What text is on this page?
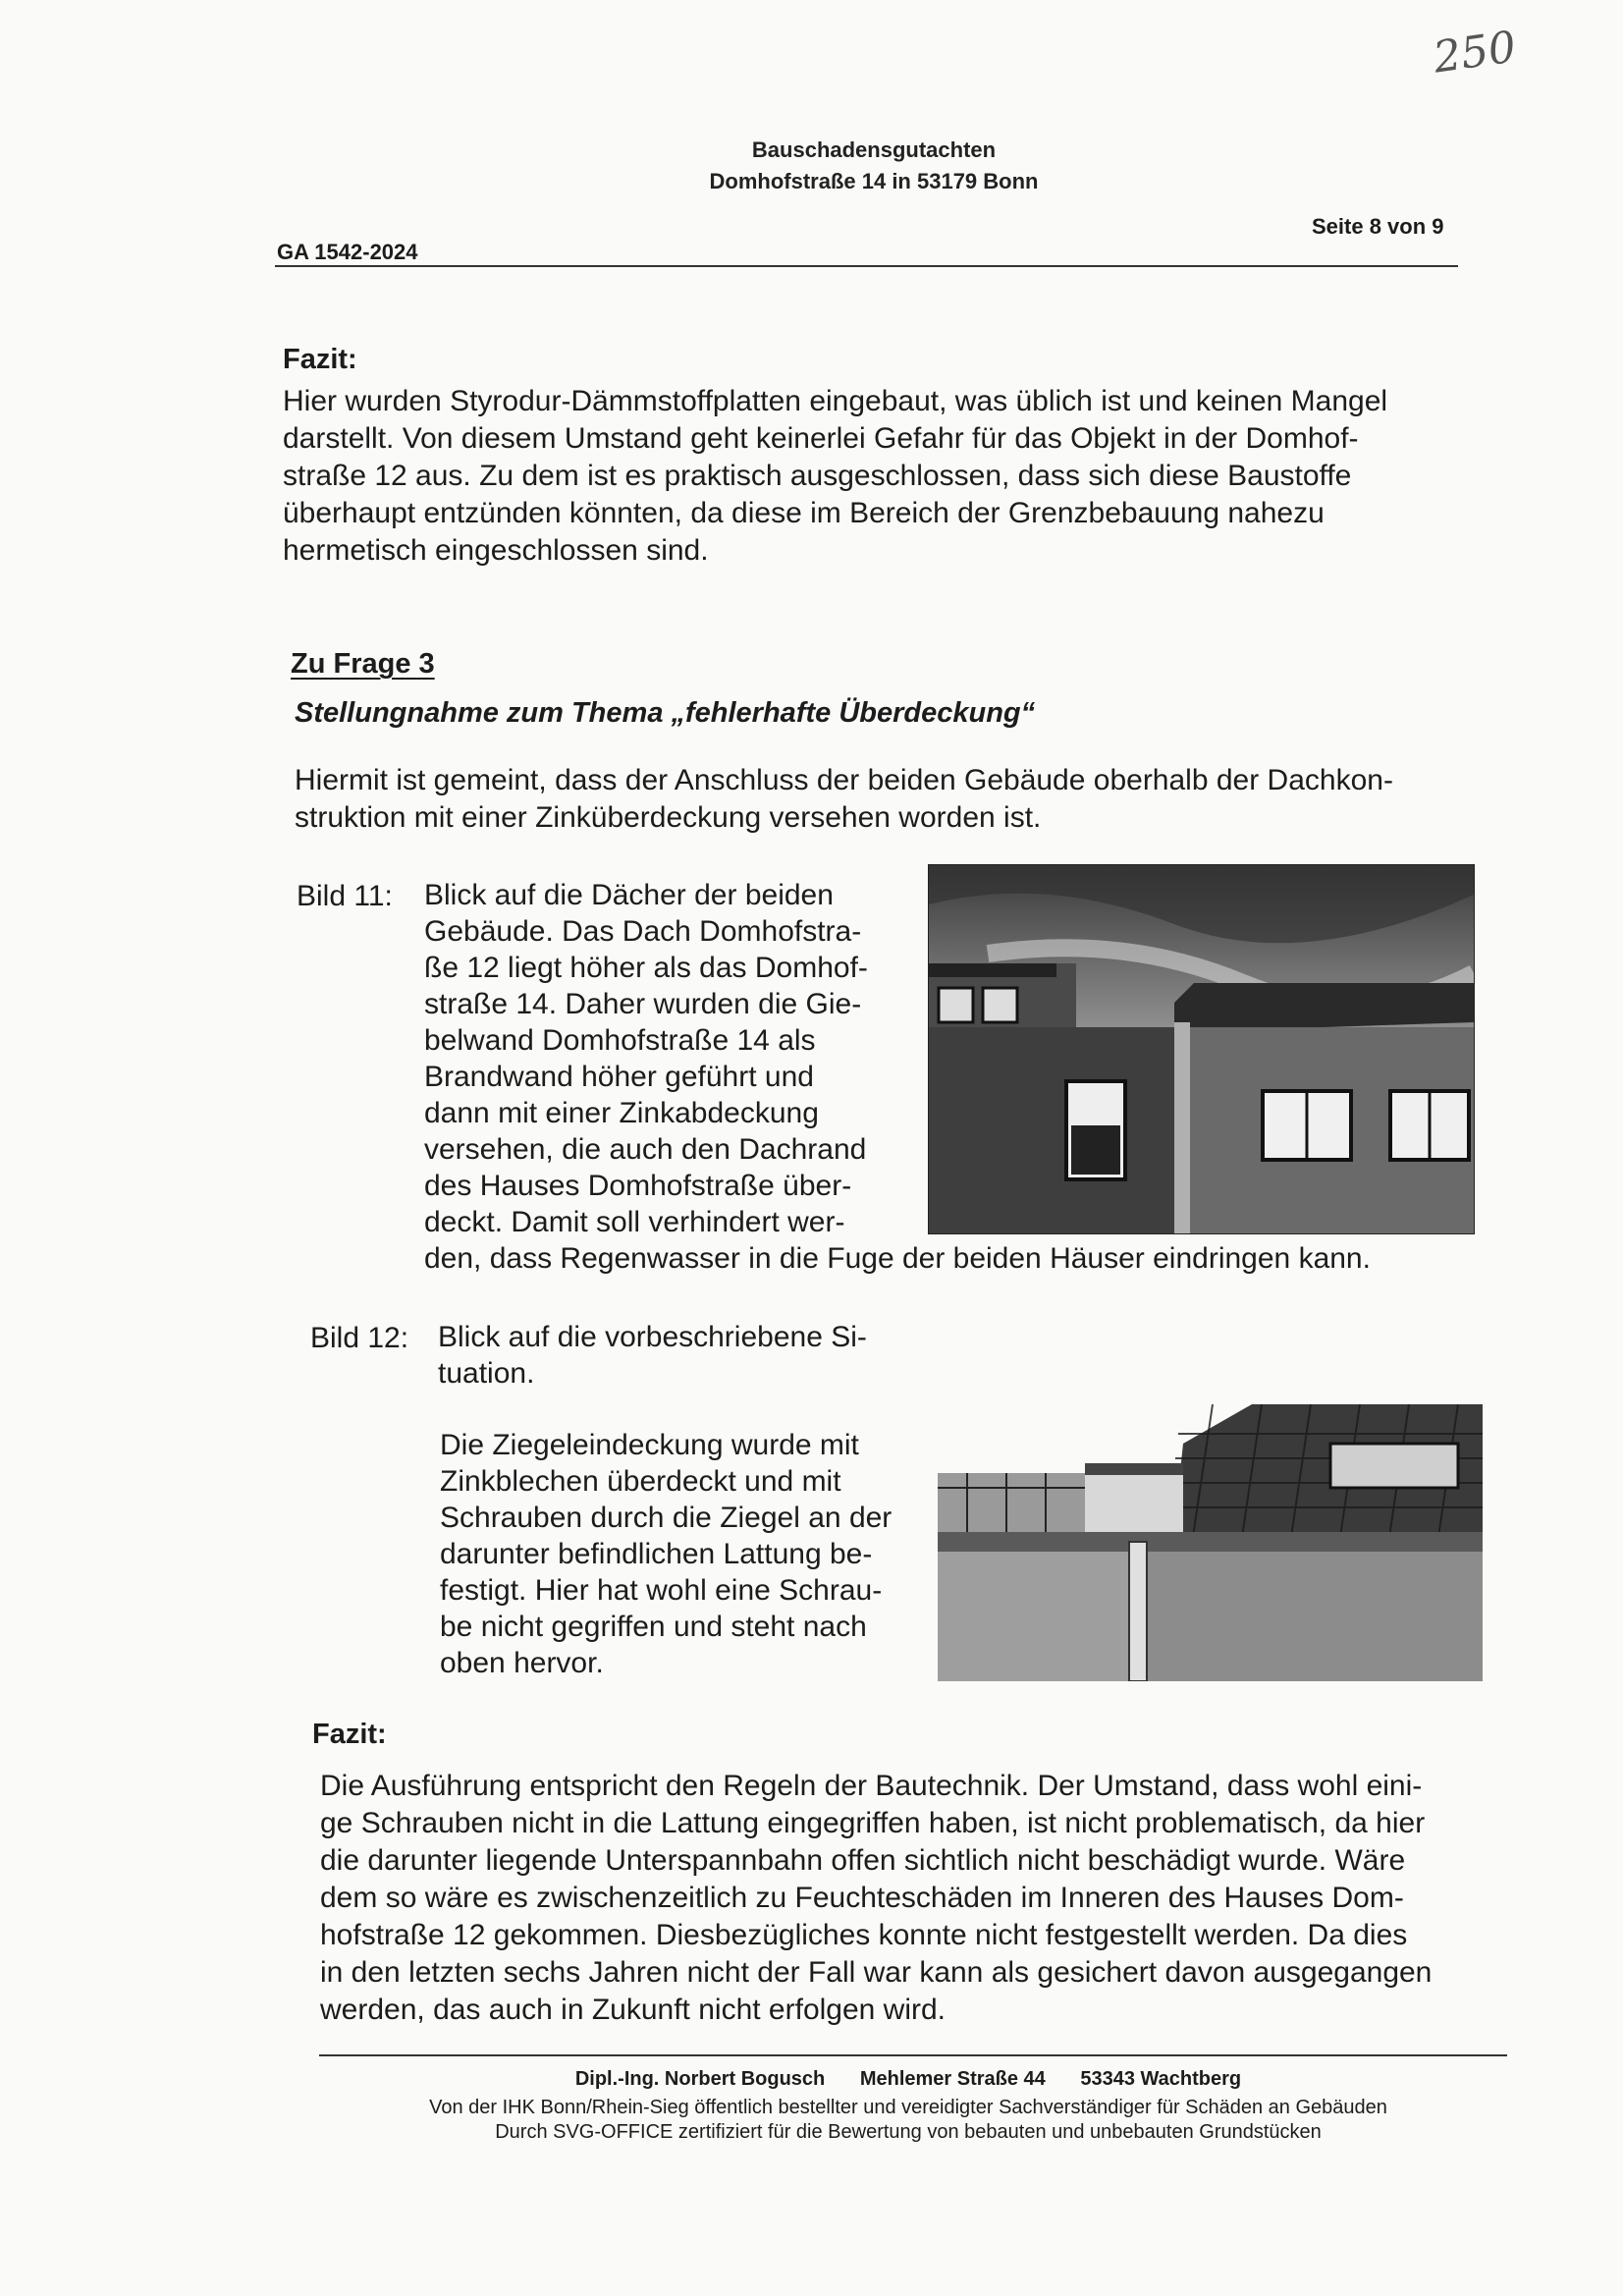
250
Bauschadensgutachten
Domhofstraße 14 in 53179 Bonn
Seite 8 von 9
GA 1542-2024
Fazit:

Hier wurden Styrodur-Dämmstoffplatten eingebaut, was üblich ist und keinen Mangel

darstellt. Von diesem Umstand geht keinerlei Gefahr für das Objekt in der Domhof-

straße 12 aus. Zu dem ist es praktisch ausgeschlossen, dass sich diese Baustoffe

überhaupt entzünden könnten, da diese im Bereich der Grenzbebauung nahezu

hermetisch eingeschlossen sind.

Zu Frage 3
Stellungnahme zum Thema „fehlerhafte Überdeckung“

Hiermit ist gemeint, dass der Anschluss der beiden Gebäude oberhalb der Dachkon-

struktion mit einer Zinküberdeckung versehen worden ist.

Bild 11: Blick auf die Dächer der beiden
Gebäude. Das Dach Domhofstra-
ße 12 liegt höher als das Domhof-
straße 14. Daher wurden die Gie-
belwand Domhofstraße 14 als
Brandwand höher geführt und
dann mit einer Zinkabdeckung
versehen, die auch den Dachrand
des Hauses Domhofstraße über-
deckt. Damit soll verhindert wer-
den, dass Regenwasser in die Fuge der beiden Häuser eindringen kann.
Bild 12: Blick auf die vorbeschriebene Si-
tuation.
Die Ziegeleindeckung wurde mit
Zinkblechen überdeckt und mit
Schrauben durch die Ziegel an der
darunter befindlichen Lattung be-
festigt. Hier hat wohl eine Schrau-
be nicht gegriffen und steht nach
oben hervor.
Fazit:

Die Ausführung entspricht den Regeln der Bautechnik. Der Umstand, dass wohl eini-

ge Schrauben nicht in die Lattung eingegriffen haben, ist nicht problematisch, da hier

die darunter liegende Unterspannbahn offen sichtlich nicht beschädigt wurde. Wäre

dem so wäre es zwischenzeitlich zu Feuchteschäden im Inneren des Hauses Dom-

hofstraße 12 gekommen. Diesbezügliches konnte nicht festgestellt werden. Da dies

in den letzten sechs Jahren nicht der Fall war kann als gesichert davon ausgegangen

werden, das auch in Zukunft nicht erfolgen wird.

Dipl.-Ing. Norbert Bogusch Mehlemer Straße 44 53343 Wachtberg
Von der IHK Bonn/Rhein-Sieg öffentlich bestellter und vereidigter Sachverständiger für Schäden an Gebäuden
Durch SVG-OFFICE zertifiziert für die Bewertung von bebauten und unbebauten Grundstücken
